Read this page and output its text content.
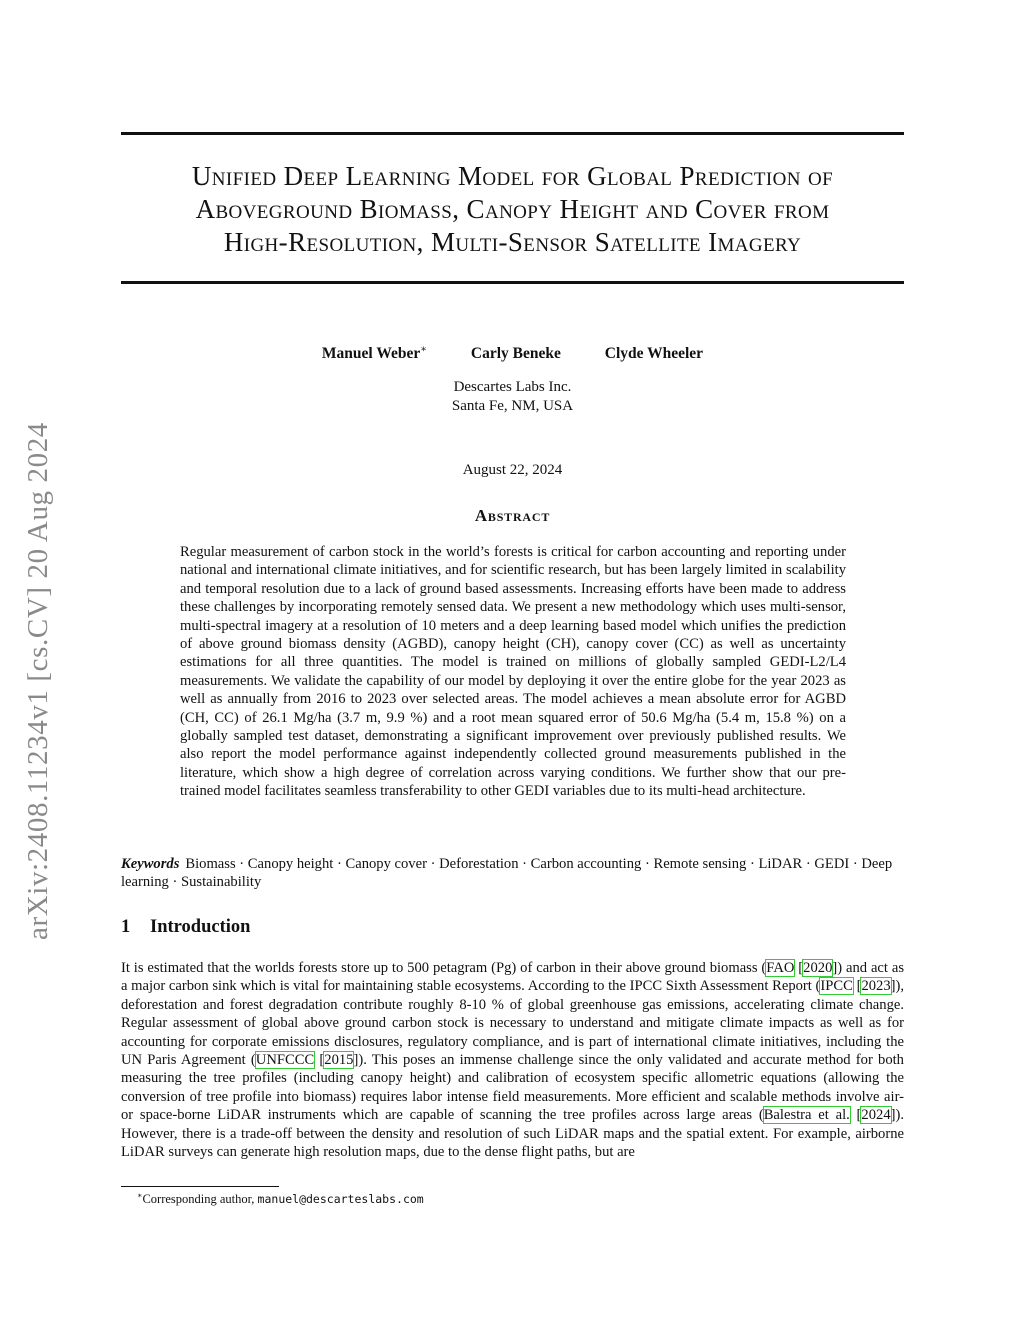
arXiv:2408.11234v1 [cs.CV] 20 Aug 2024
Unified Deep Learning Model for Global Prediction of
Aboveground Biomass, Canopy Height and Cover from
High-Resolution, Multi-Sensor Satellite Imagery
Manuel Weber∗	Carly Beneke	Clyde Wheeler
Descartes Labs Inc.
Santa Fe, NM, USA
August 22, 2024
Abstract
Regular measurement of carbon stock in the world’s forests is critical for carbon accounting and reporting under national and international climate initiatives, and for scientific research, but has been largely limited in scalability and temporal resolution due to a lack of ground based assessments. Increasing efforts have been made to address these challenges by incorporating remotely sensed data. We present a new methodology which uses multi-sensor, multi-spectral imagery at a resolution of 10 meters and a deep learning based model which unifies the prediction of above ground biomass density (AGBD), canopy height (CH), canopy cover (CC) as well as uncertainty estimations for all three quantities. The model is trained on millions of globally sampled GEDI-L2/L4 measurements. We validate the capability of our model by deploying it over the entire globe for the year 2023 as well as annually from 2016 to 2023 over selected areas. The model achieves a mean absolute error for AGBD (CH, CC) of 26.1 Mg/ha (3.7 m, 9.9 %) and a root mean squared error of 50.6 Mg/ha (5.4 m, 15.8 %) on a globally sampled test dataset, demonstrating a significant improvement over previously published results. We also report the model performance against independently collected ground measurements published in the literature, which show a high degree of correlation across varying conditions. We further show that our pre-trained model facilitates seamless transferability to other GEDI variables due to its multi-head architecture.
Keywords Biomass · Canopy height · Canopy cover · Deforestation · Carbon accounting · Remote sensing · LiDAR · GEDI · Deep learning · Sustainability
1 Introduction
It is estimated that the worlds forests store up to 500 petagram (Pg) of carbon in their above ground biomass (FAO [2020]) and act as a major carbon sink which is vital for maintaining stable ecosystems. According to the IPCC Sixth Assessment Report (IPCC [2023]), deforestation and forest degradation contribute roughly 8-10 % of global greenhouse gas emissions, accelerating climate change. Regular assessment of global above ground carbon stock is necessary to understand and mitigate climate impacts as well as for accounting for corporate emissions disclosures, regulatory compliance, and is part of international climate initiatives, including the UN Paris Agreement (UNFCCC [2015]). This poses an immense challenge since the only validated and accurate method for both measuring the tree profiles (including canopy height) and calibration of ecosystem specific allometric equations (allowing the conversion of tree profile into biomass) requires labor intense field measurements. More efficient and scalable methods involve air- or space-borne LiDAR instruments which are capable of scanning the tree profiles across large areas (Balestra et al. [2024]). However, there is a trade-off between the density and resolution of such LiDAR maps and the spatial extent. For example, airborne LiDAR surveys can generate high resolution maps, due to the dense flight paths, but are
∗Corresponding author, manuel@descarteslabs.com
